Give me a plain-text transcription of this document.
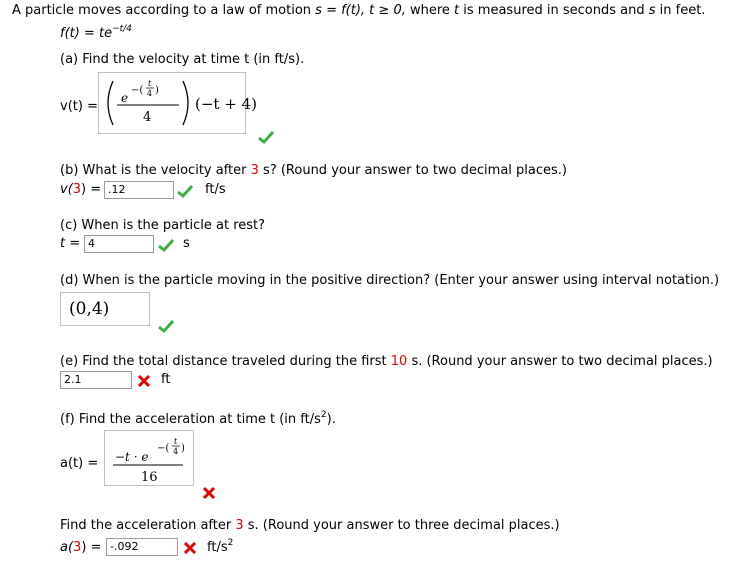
A particle moves according to a law of motion s = f(t), t ≥ 0, where t is measured in seconds and s in feet.
$f(t) = te^{-t/4}$
(a) Find the velocity at time t (in ft/s).
v(t) =
e
−(
t
4 )
4
(−t + 4)
(b) What is the velocity after 3 s? (Round your answer to two decimal places.)
v(3) = .12	ft/s
(c) When is the particle at rest?
t = 4	s
(d) When is the particle moving in the positive direction? (Enter your answer using interval notation.)
(0,4)
(e) Find the total distance traveled during the first 10 s. (Round your answer to two decimal places.)
2.1	ft
(f) Find the acceleration at time t (in $ft/s^2$).
a(t) = −t · e
−(
t
4 )
16
Find the acceleration after 3 s. (Round your answer to three decimal places.)
a(3) = -.092	$ft/s^2$
